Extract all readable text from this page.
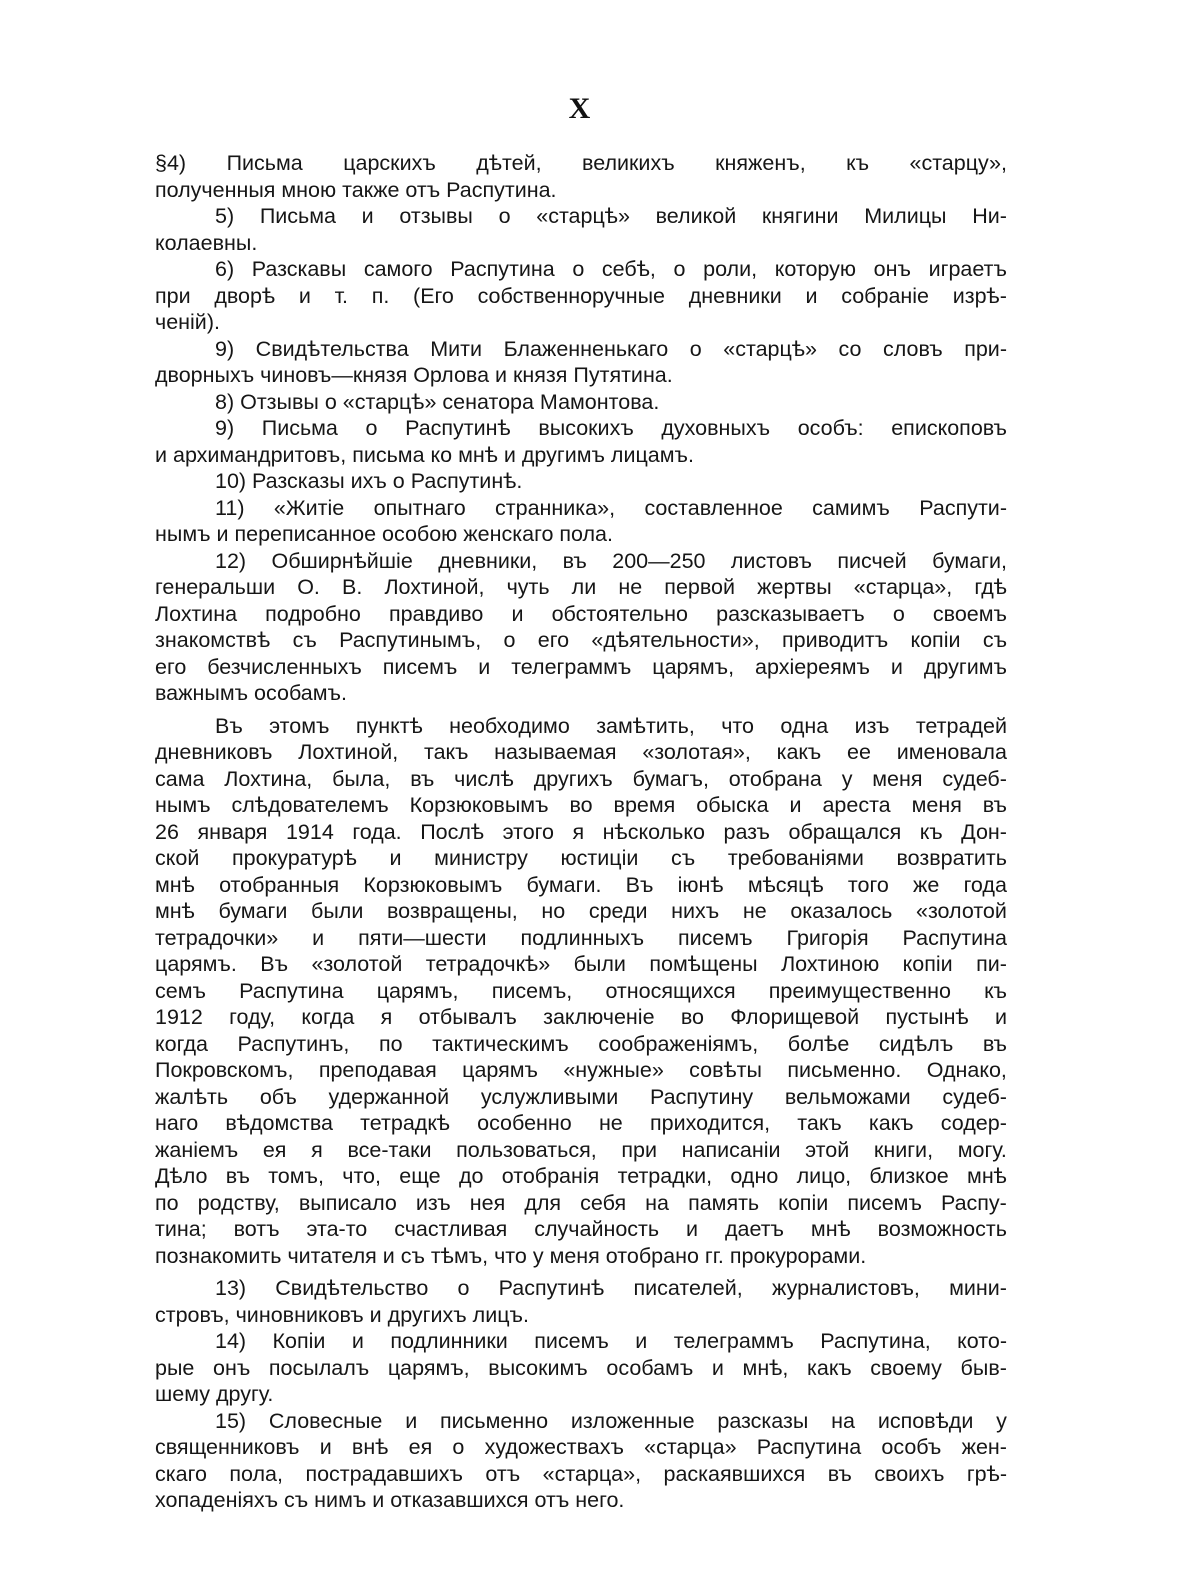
X
§4) Письма царскихъ дѣтей, великихъ княженъ, къ «старцу»,
полученныя мною также отъ Распутина.
5) Письма и отзывы о «старцѣ» великой княгини Милицы Ни-
колаевны.
6) Разскавы самого Распутина о себѣ, о роли, которую онъ играетъ
при дворѣ и т. п. (Его собственноручные дневники и собраніе изрѣ-
ченій).
9) Свидѣтельства Мити Блаженненькаго о «старцѣ» со словъ при-
дворныхъ чиновъ—князя Орлова и князя Путятина.
8) Отзывы о «старцѣ» сенатора Мамонтова.
9) Письма о Распутинѣ высокихъ духовныхъ особъ: епископовъ
и архимандритовъ, письма ко мнѣ и другимъ лицамъ.
10) Разсказы ихъ о Распутинѣ.
11) «Житіе опытнаго странника», составленное самимъ Распути-
нымъ и переписанное особою женскаго пола.
12) Обширнѣйшіе дневники, въ 200—250 листовъ писчей бумаги,
генеральши О. В. Лохтиной, чуть ли не первой жертвы «старца», гдѣ
Лохтина подробно правдиво и обстоятельно разсказываетъ о своемъ
знакомствѣ съ Распутинымъ, о его «дѣятельности», приводитъ копіи съ
его безчисленныхъ писемъ и телеграммъ царямъ, архіереямъ и другимъ
важнымъ особамъ.
Въ этомъ пунктѣ необходимо замѣтить, что одна изъ тетрадей
дневниковъ Лохтиной, такъ называемая «золотая», какъ ее именовала
сама Лохтина, была, въ числѣ другихъ бумагъ, отобрана у меня судеб-
нымъ слѣдователемъ Корзюковымъ во время обыска и ареста меня въ
26 января 1914 года. Послѣ этого я нѣсколько разъ обращался къ Дон-
ской прокуратурѣ и министру юстиціи съ требованіями возвратить
мнѣ отобранныя Корзюковымъ бумаги. Въ іюнѣ мѣсяцѣ того же года
мнѣ бумаги были возвращены, но среди нихъ не оказалось «золотой
тетрадочки» и пяти—шести подлинныхъ писемъ Григорія Распутина
царямъ. Въ «золотой тетрадочкѣ» были помѣщены Лохтиною копіи пи-
семъ Распутина царямъ, писемъ, относящихся преимущественно къ
1912 году, когда я отбывалъ заключеніе во Флорищевой пустынѣ и
когда Распутинъ, по тактическимъ соображеніямъ, болѣе сидѣлъ въ
Покровскомъ, преподавая царямъ «нужные» совѣты письменно. Однако,
жалѣть объ удержанной услужливыми Распутину вельможами судеб-
наго вѣдомства тетрадкѣ особенно не приходится, такъ какъ содер-
жаніемъ ея я все-таки пользоваться, при написаніи этой книги, могу.
Дѣло въ томъ, что, еще до отобранія тетрадки, одно лицо, близкое мнѣ
по родству, выписало изъ нея для себя на память копіи писемъ Распу-
тина; вотъ эта-то счастливая случайность и даетъ мнѣ возможность
познакомить читателя и съ тѣмъ, что у меня отобрано гг. прокурорами.
13) Свидѣтельство о Распутинѣ писателей, журналистовъ, мини-
стровъ, чиновниковъ и другихъ лицъ.
14) Копіи и подлинники писемъ и телеграммъ Распутина, кото-
рые онъ посылалъ царямъ, высокимъ особамъ и мнѣ, какъ своему быв-
шему другу.
15) Словесные и письменно изложенные разсказы на исповѣди у
священниковъ и внѣ ея о художествахъ «старца» Распутина особъ жен-
скаго пола, пострадавшихъ отъ «старца», раскаявшихся въ своихъ грѣ-
хопаденіяхъ съ нимъ и отказавшихся отъ него.
